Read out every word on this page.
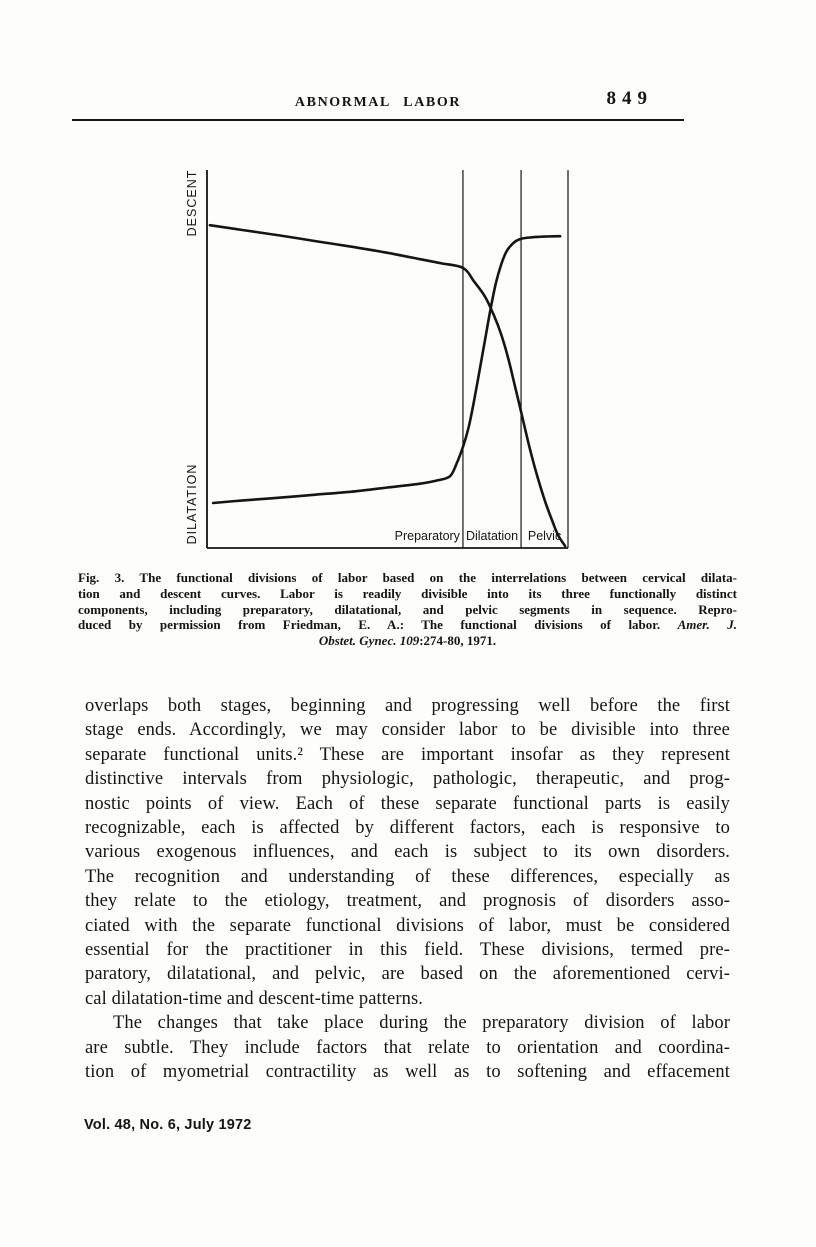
ABNORMAL LABOR	849
Preparatory Dilatation Pelvic
DESCENT
DILATATION
Fig. 3. The functional divisions of labor based on the interrelations between cervical dilata-
tion and descent curves. Labor is readily divisible into its three functionally distinct
components, including preparatory, dilatational, and pelvic segments in sequence. Repro-
duced by permission from Friedman, E. A.: The functional divisions of labor. Amer. J.
Obstet. Gynec. 109:274-80, 1971.
overlaps both stages, beginning and progressing well before the first
stage ends. Accordingly, we may consider labor to be divisible into three
separate functional units.² These are important insofar as they represent
distinctive intervals from physiologic, pathologic, therapeutic, and prog-
nostic points of view. Each of these separate functional parts is easily
recognizable, each is affected by different factors, each is responsive to
various exogenous influences, and each is subject to its own disorders.
The recognition and understanding of these differences, especially as
they relate to the etiology, treatment, and prognosis of disorders asso-
ciated with the separate functional divisions of labor, must be considered
essential for the practitioner in this field. These divisions, termed pre-
paratory, dilatational, and pelvic, are based on the aforementioned cervi-
cal dilatation-time and descent-time patterns.
The changes that take place during the preparatory division of labor
are subtle. They include factors that relate to orientation and coordina-
tion of myometrial contractility as well as to softening and effacement
Vol. 48, No. 6, July 1972
